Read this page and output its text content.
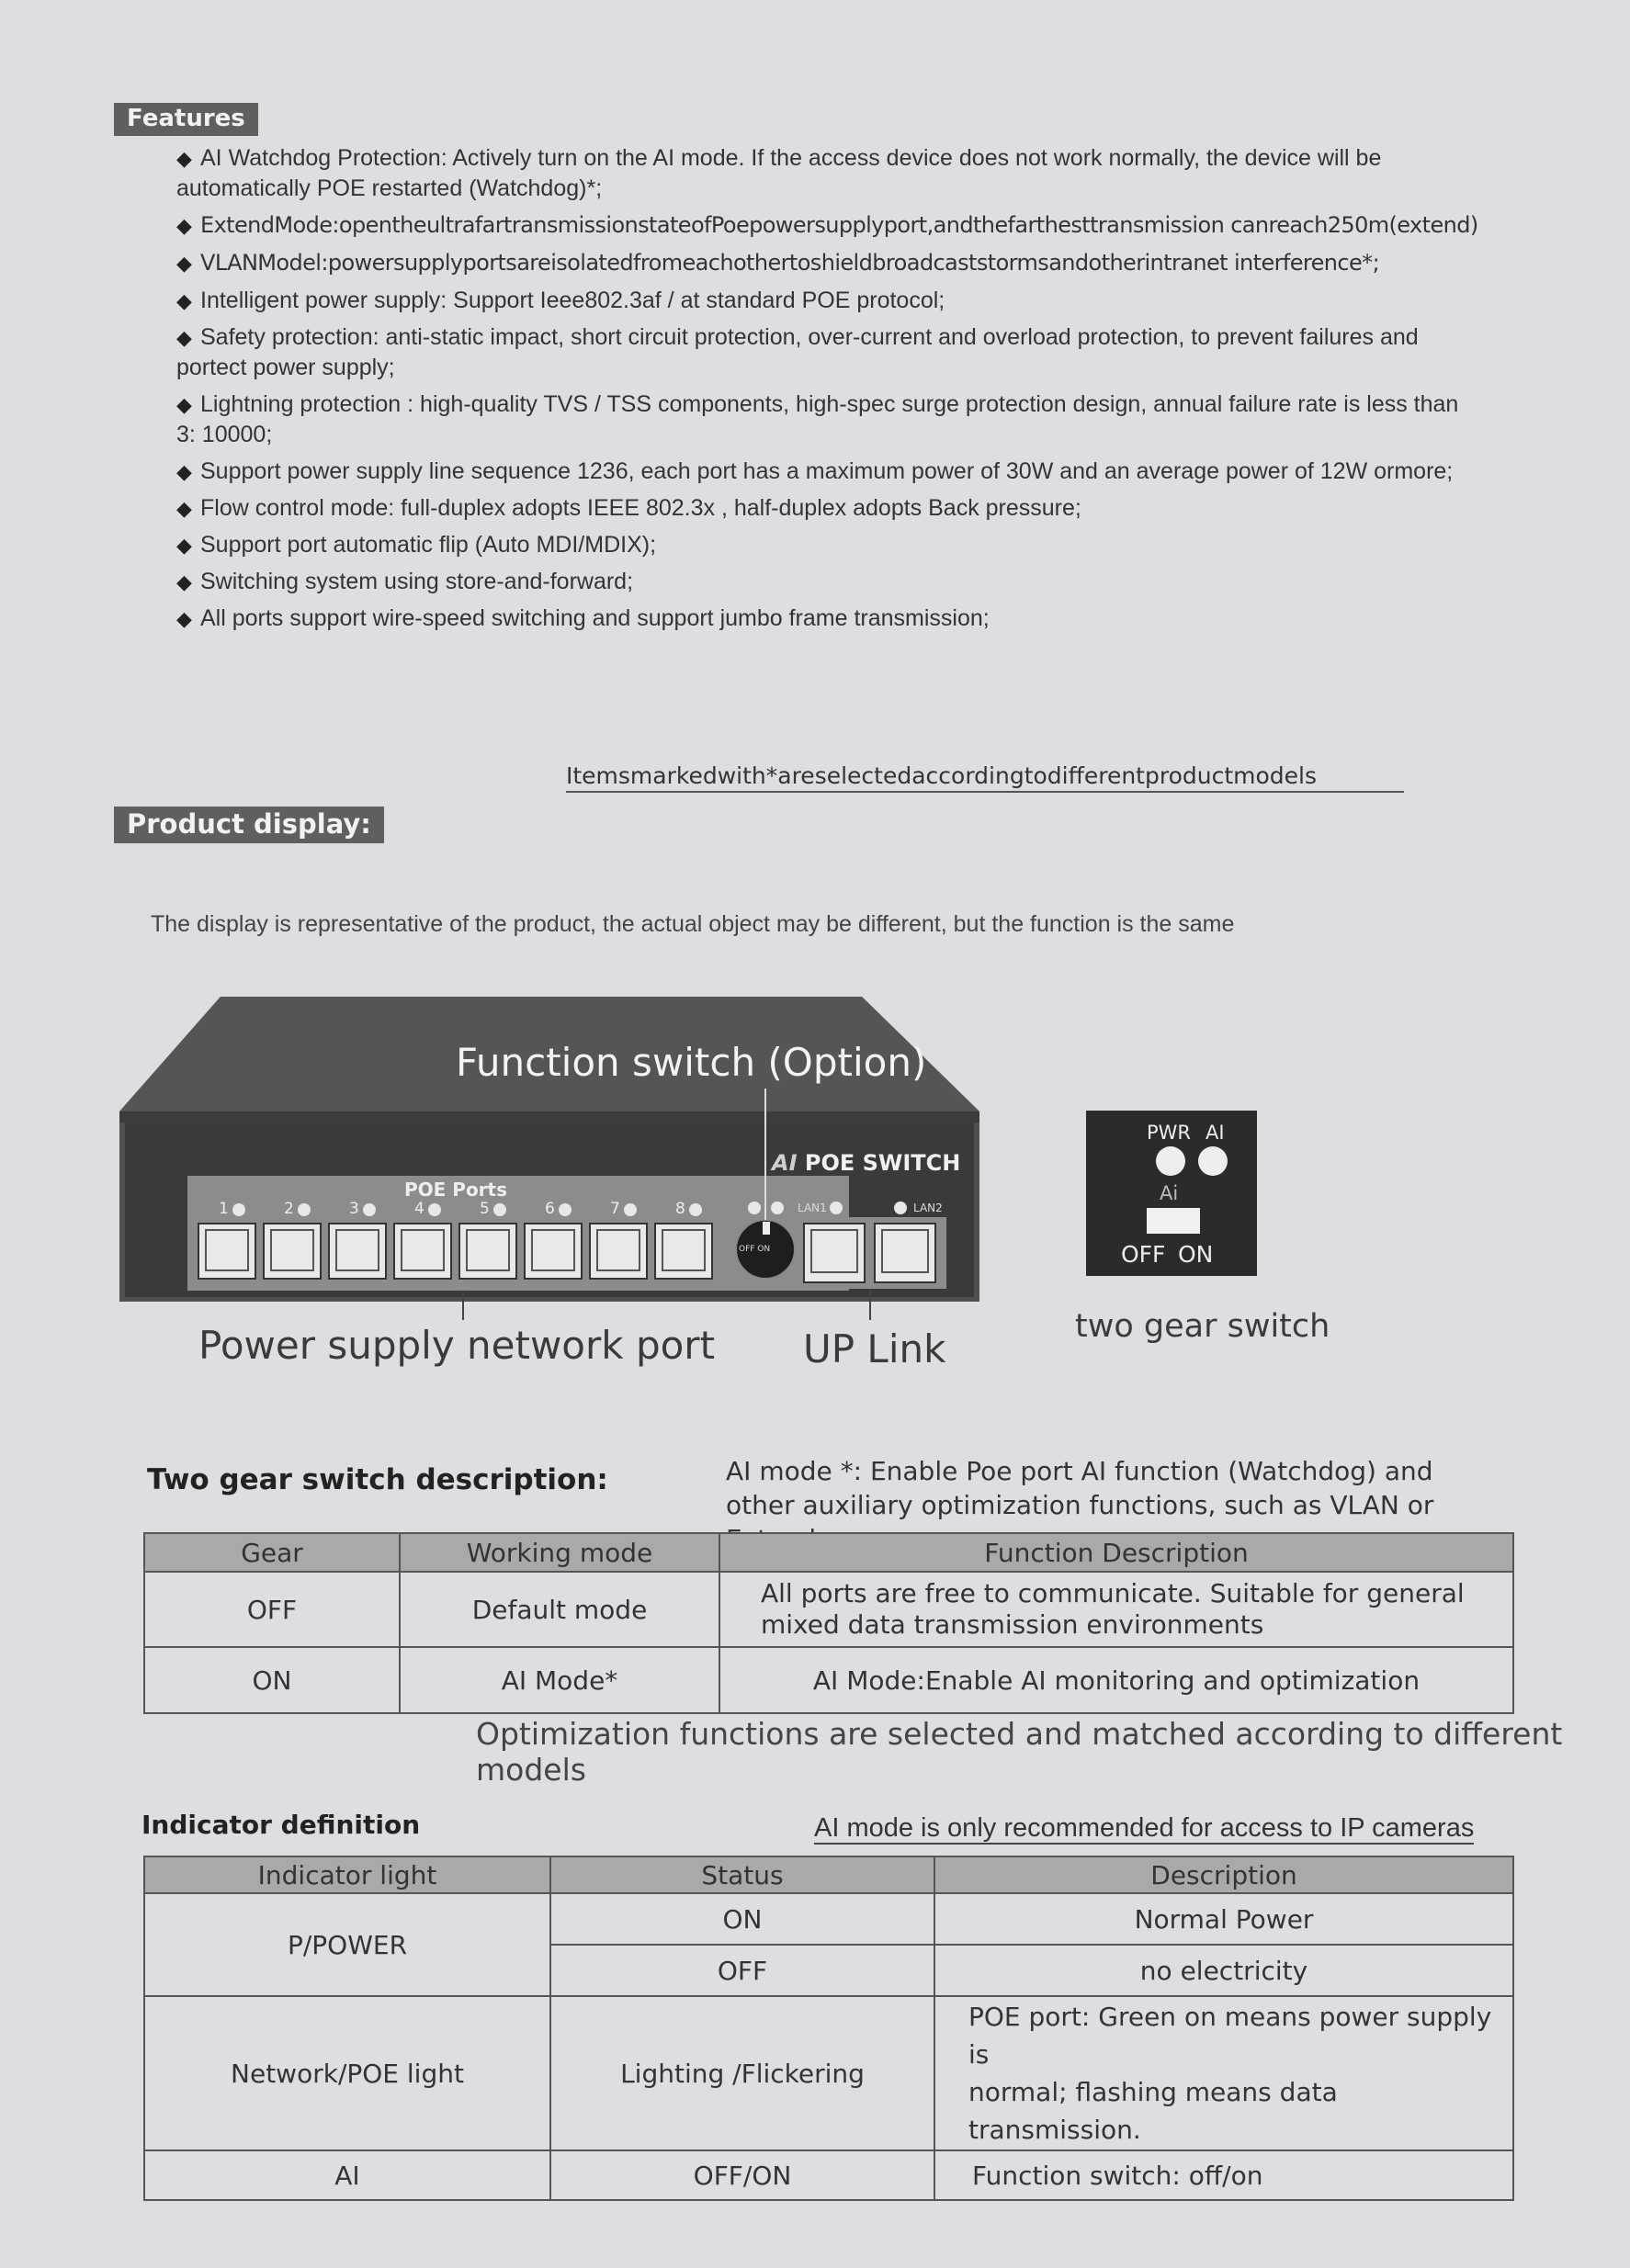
Features
◆ AI Watchdog Protection: Actively turn on the AI mode. If the access device does not work normally, the device will be automatically POE restarted (Watchdog)*;
◆ ExtendMode:opentheultrafartransmissionstateofPoepowersupplyport,andthefarthesttransmission canreach250m(extend)
◆ VLANModel:powersupplyportsareisolatedfromeachothertoshieldbroadcaststormsandotherintranet interference*;
◆ Intelligent power supply: Support Ieee802.3af / at standard POE protocol;
◆ Safety protection: anti-static impact, short circuit protection, over-current and overload protection, to prevent failures and portect power supply;
◆ Lightning protection : high-quality TVS / TSS components, high-spec surge protection design, annual failure rate is less than 3: 10000;
◆ Support power supply line sequence 1236, each port has a maximum power of 30W and an average power of 12W ormore;
◆ Flow control mode: full-duplex adopts IEEE 802.3x , half-duplex adopts Back pressure;
◆ Support port automatic flip (Auto MDI/MDIX);
◆ Switching system using store-and-forward;
◆ All ports support wire-speed switching and support jumbo frame transmission;
Itemsmarkedwith*areselectedaccordingtodifferentproductmodels
Product display:
The display is representative of the product, the actual object may be different, but the function is the same
Function switch (Option)
AI POE SWITCH
POE Ports
1	2	3	4	5	6	7	8	LAN1	LAN2
OFF ON
Power supply network port UP Link
PWR AI
Ai
OFF ON
two gear switch
Two gear switch description:	AI mode *: Enable Poe port AI function (Watchdog) and other auxiliary optimization functions, such as VLAN or
Gear	Working mode	Function Description
OFF	Default mode	All ports are free to communicate. Suitable for general mixed data transmission environments
ON	AI Mode*	AI Mode:Enable AI monitoring and optimization
Optimization functions are selected and matched according to different models
Indicator definition	AI mode is only recommended for access to IP cameras
Indicator light	Status	Description
P/POWER	ON	Normal Power
	OFF	no electricity
Network/POE light	Lighting /Flickering	POE port: Green on means power supply is
normal; flashing means data transmission.
AI	OFF/ON	Function switch: off/on
